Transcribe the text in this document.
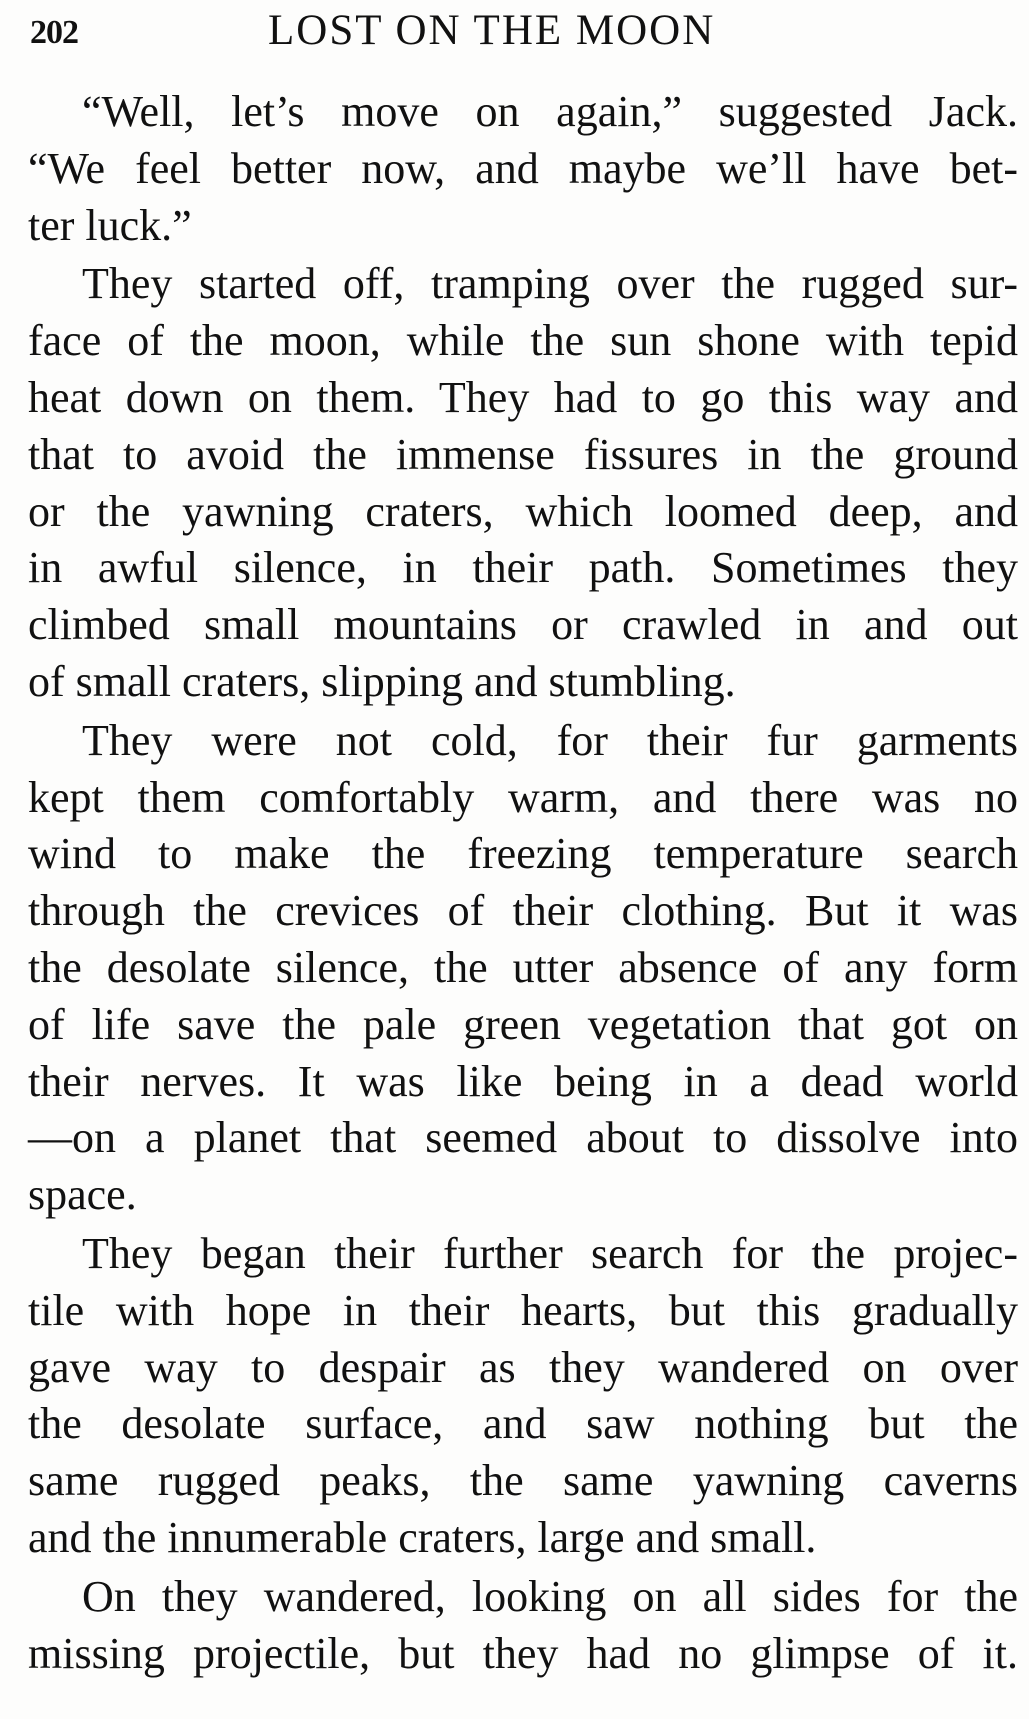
202	LOST ON THE MOON
“Well, let’s move on again,” suggested Jack.
“We feel better now, and maybe we’ll have bet-
ter luck.”
They started off, tramping over the rugged sur-
face of the moon, while the sun shone with tepid
heat down on them. They had to go this way and
that to avoid the immense fissures in the ground
or the yawning craters, which loomed deep, and
in awful silence, in their path. Sometimes they
climbed small mountains or crawled in and out
of small craters, slipping and stumbling.
They were not cold, for their fur garments
kept them comfortably warm, and there was no
wind to make the freezing temperature search
through the crevices of their clothing. But it was
the desolate silence, the utter absence of any form
of life save the pale green vegetation that got on
their nerves. It was like being in a dead world
—on a planet that seemed about to dissolve into
space.
They began their further search for the projec-
tile with hope in their hearts, but this gradually
gave way to despair as they wandered on over
the desolate surface, and saw nothing but the
same rugged peaks, the same yawning caverns
and the innumerable craters, large and small.
On they wandered, looking on all sides for the
missing projectile, but they had no glimpse of it.
